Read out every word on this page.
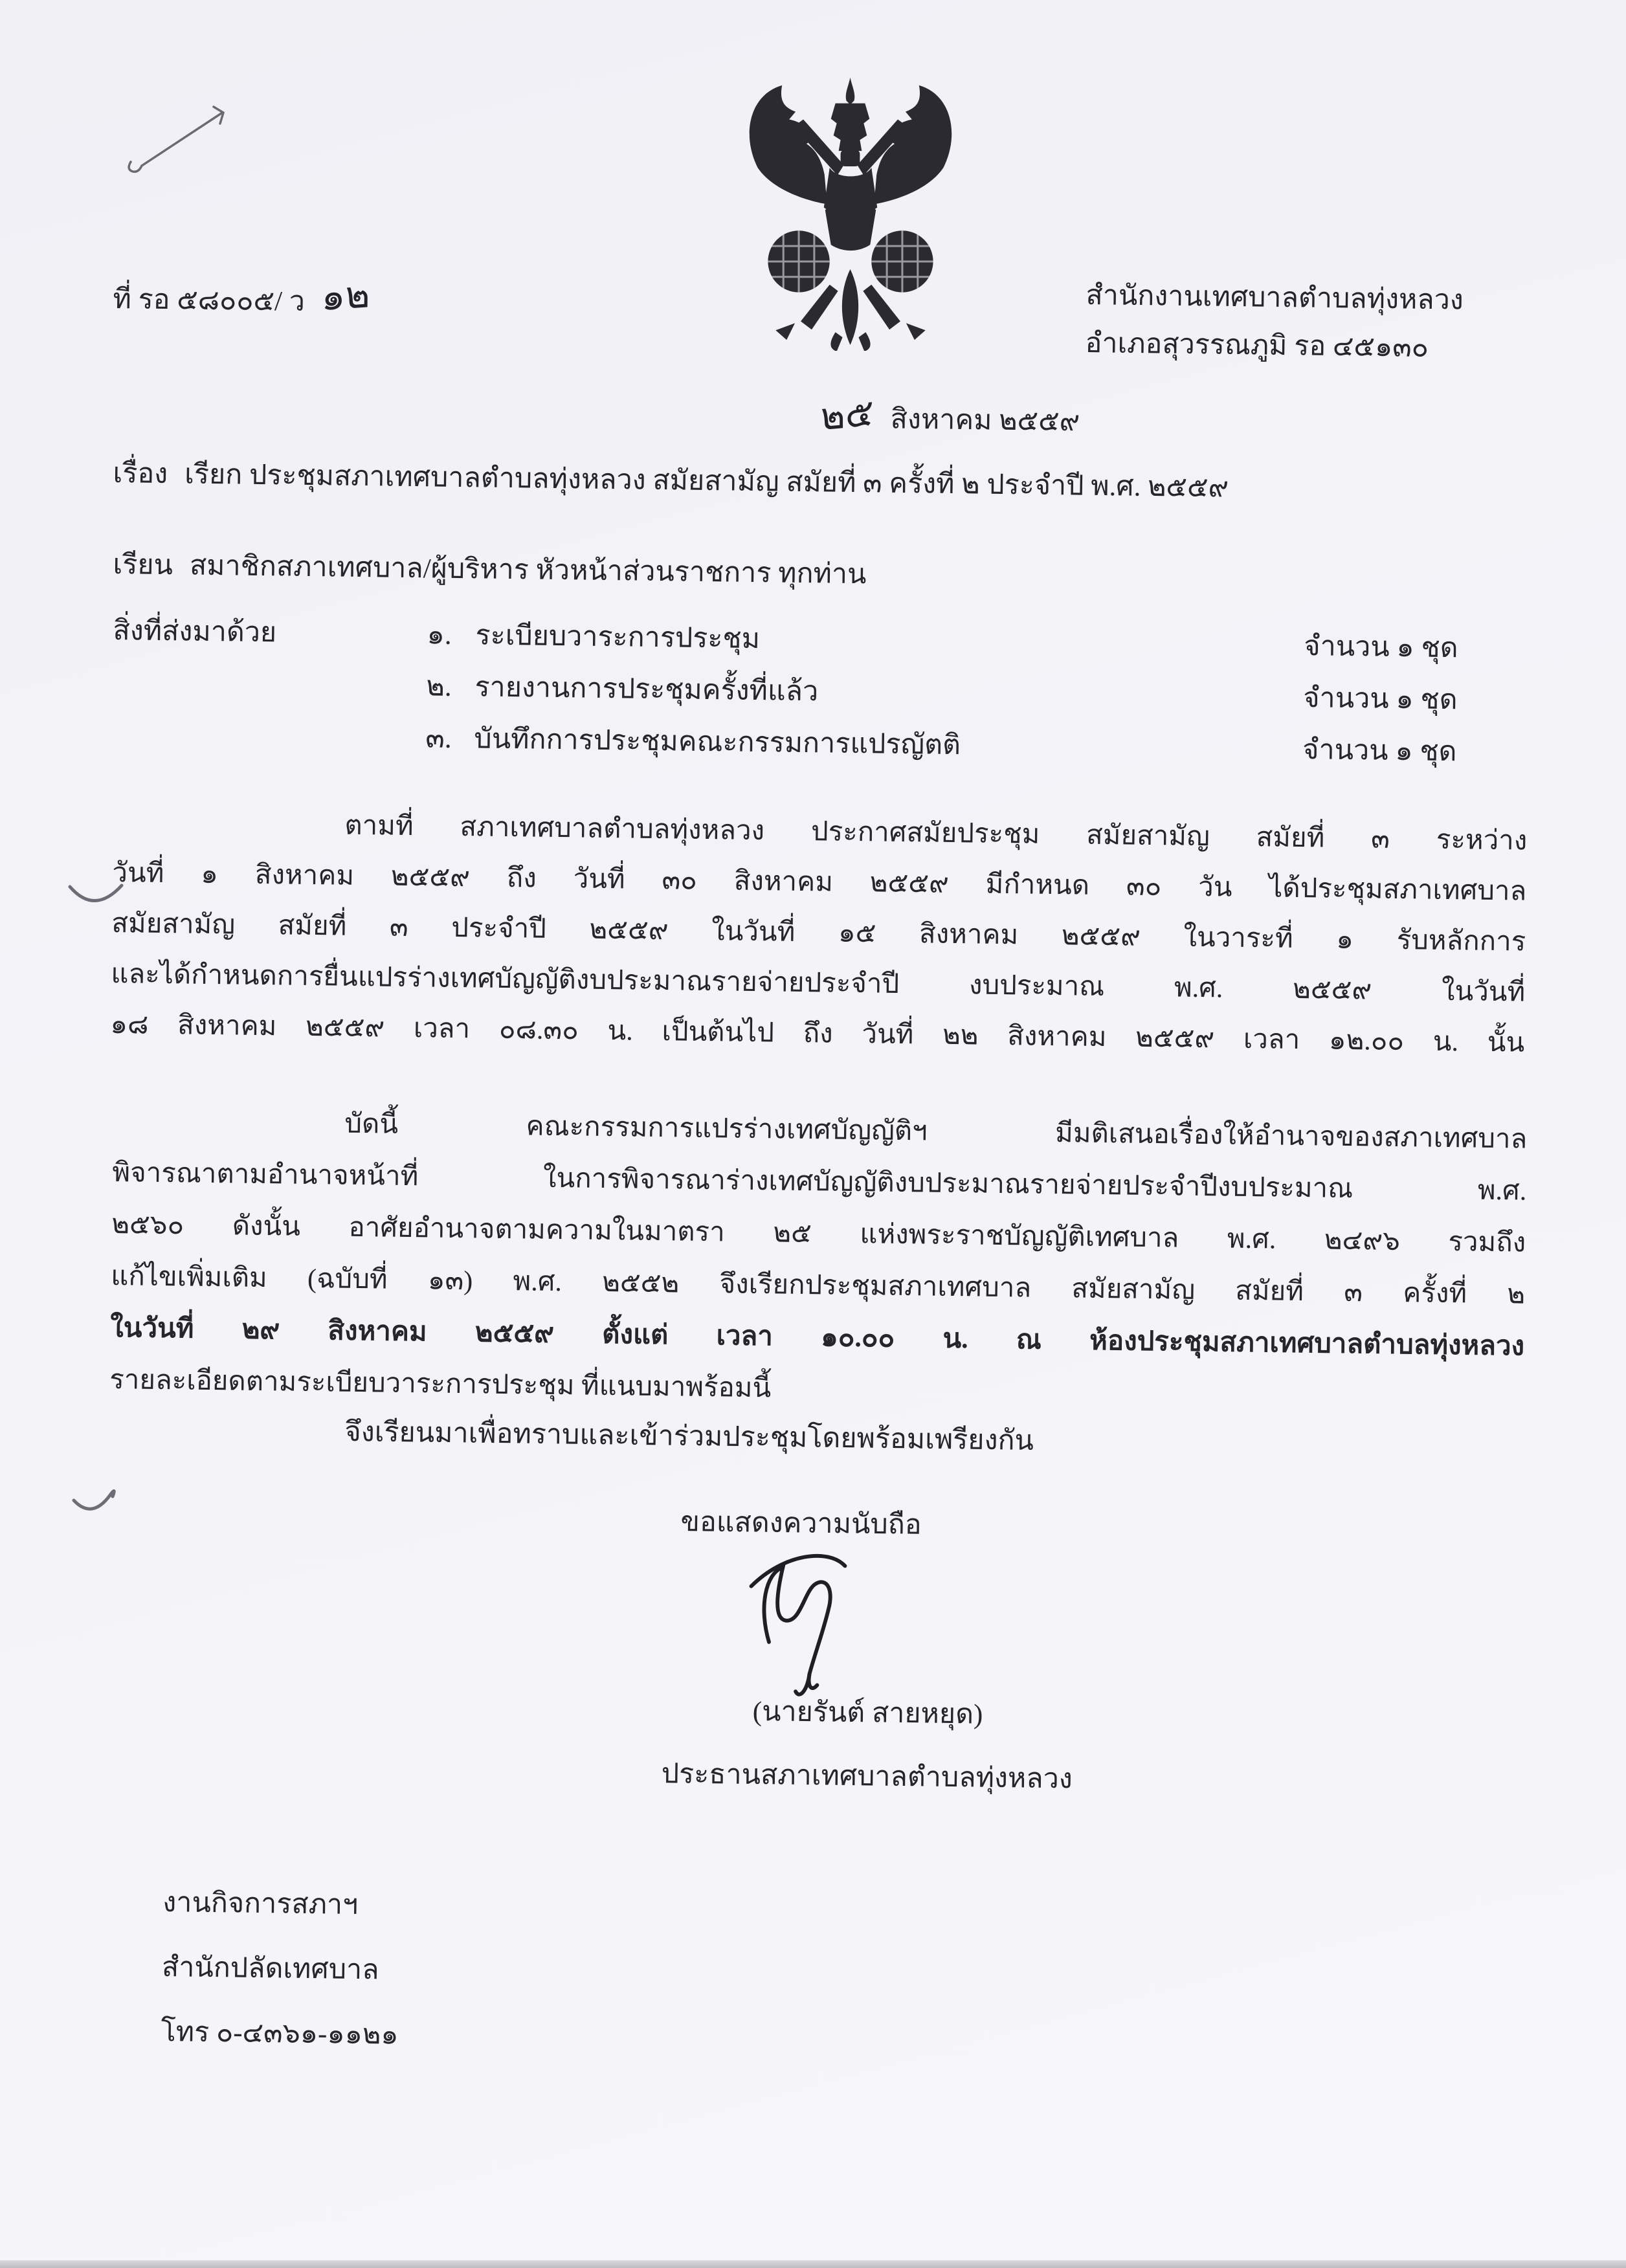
ที่ รอ ๕๘๐๐๕/ ว ๑๒	สำนักงานเทศบาลตำบลทุ่งหลวง
อำเภอสุวรรณภูมิ รอ ๔๕๑๓๐
๒๕ สิงหาคม ๒๕๕๙
เรื่อง เรียก ประชุมสภาเทศบาลตำบลทุ่งหลวง สมัยสามัญ สมัยที่ ๓ ครั้งที่ ๒ ประจำปี พ.ศ. ๒๕๕๙
เรียน สมาชิกสภาเทศบาล/ผู้บริหาร หัวหน้าส่วนราชการ ทุกท่าน
สิ่งที่ส่งมาด้วย	๑. ระเบียบวาระการประชุม	จำนวน ๑ ชุด
๒. รายงานการประชุมครั้งที่แล้ว	จำนวน ๑ ชุด
๓. บันทึกการประชุมคณะกรรมการแปรญัตติ	จำนวน ๑ ชุด
ตามที่ สภาเทศบาลตำบลทุ่งหลวง ประกาศสมัยประชุม สมัยสามัญ สมัยที่ ๓ ระหว่าง
วันที่ ๑ สิงหาคม ๒๕๕๙ ถึง วันที่ ๓๐ สิงหาคม ๒๕๕๙ มีกำหนด ๓๐ วัน ได้ประชุมสภาเทศบาล
สมัยสามัญ สมัยที่ ๓ ประจำปี ๒๕๕๙ ในวันที่ ๑๕ สิงหาคม ๒๕๕๙ ในวาระที่ ๑ รับหลักการ
และได้กำหนดการยื่นแปรร่างเทศบัญญัติงบประมาณรายจ่ายประจำปี งบประมาณ พ.ศ. ๒๕๕๙ ในวันที่
๑๘ สิงหาคม ๒๕๕๙ เวลา ๐๘.๓๐ น. เป็นต้นไป ถึง วันที่ ๒๒ สิงหาคม ๒๕๕๙ เวลา ๑๒.๐๐ น. นั้น
บัดนี้ คณะกรรมการแปรร่างเทศบัญญัติฯ มีมติเสนอเรื่องให้อำนาจของสภาเทศบาล
พิจารณาตามอำนาจหน้าที่ ในการพิจารณาร่างเทศบัญญัติงบประมาณรายจ่ายประจำปีงบประมาณ พ.ศ.
๒๕๖๐ ดังนั้น อาศัยอำนาจตามความในมาตรา ๒๕ แห่งพระราชบัญญัติเทศบาล พ.ศ. ๒๔๙๖ รวมถึง
แก้ไขเพิ่มเติม (ฉบับที่ ๑๓) พ.ศ. ๒๕๕๒ จึงเรียกประชุมสภาเทศบาล สมัยสามัญ สมัยที่ ๓ ครั้งที่ ๒
ในวันที่ ๒๙ สิงหาคม ๒๕๕๙ ตั้งแต่ เวลา ๑๐.๐๐ น. ณ ห้องประชุมสภาเทศบาลตำบลทุ่งหลวง
รายละเอียดตามระเบียบวาระการประชุม ที่แนบมาพร้อมนี้
จึงเรียนมาเพื่อทราบและเข้าร่วมประชุมโดยพร้อมเพรียงกัน
ขอแสดงความนับถือ
(นายรันต์ สายหยุด)
ประธานสภาเทศบาลตำบลทุ่งหลวง
งานกิจการสภาฯ
สำนักปลัดเทศบาล
โทร ๐-๔๓๖๑-๑๑๒๑
